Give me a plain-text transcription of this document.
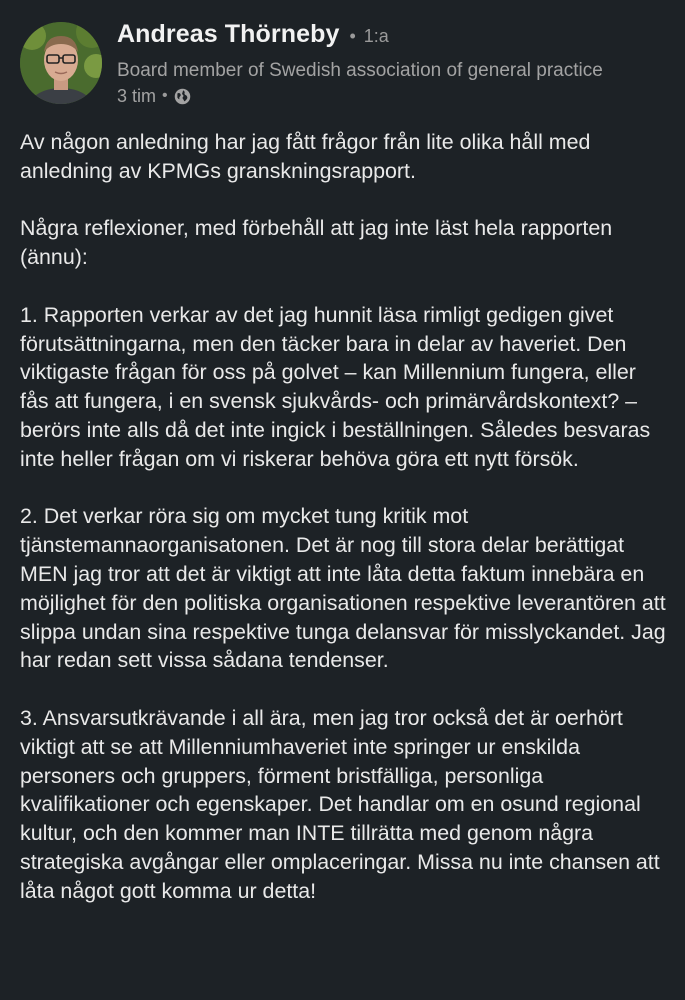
Andreas Thörneby • 1:a
Board member of Swedish association of general practice
3 tim •

Av någon anledning har jag fått frågor från lite olika håll med anledning av KPMGs granskningsrapport.

Några reflexioner, med förbehåll att jag inte läst hela rapporten (ännu):

1. Rapporten verkar av det jag hunnit läsa rimligt gedigen givet förutsättningarna, men den täcker bara in delar av haveriet. Den viktigaste frågan för oss på golvet – kan Millennium fungera, eller fås att fungera, i en svensk sjukvårds- och primärvårdskontext? – berörs inte alls då det inte ingick i beställningen. Således besvaras inte heller frågan om vi riskerar behöva göra ett nytt försök.

2. Det verkar röra sig om mycket tung kritik mot tjänstemannaorganisatonen. Det är nog till stora delar berättigat MEN jag tror att det är viktigt att inte låta detta faktum innebära en möjlighet för den politiska organisationen respektive leverantören att slippa undan sina respektive tunga delansvar för misslyckandet. Jag har redan sett vissa sådana tendenser.

3. Ansvarsutkrävande i all ära, men jag tror också det är oerhört viktigt att se att Millenniumhaveriet inte springer ur enskilda personers och gruppers, förment bristfälliga, personliga kvalifikationer och egenskaper. Det handlar om en osund regional kultur, och den kommer man INTE tillrätta med genom några strategiska avgångar eller omplaceringar. Missa nu inte chansen att låta något gott komma ur detta!
